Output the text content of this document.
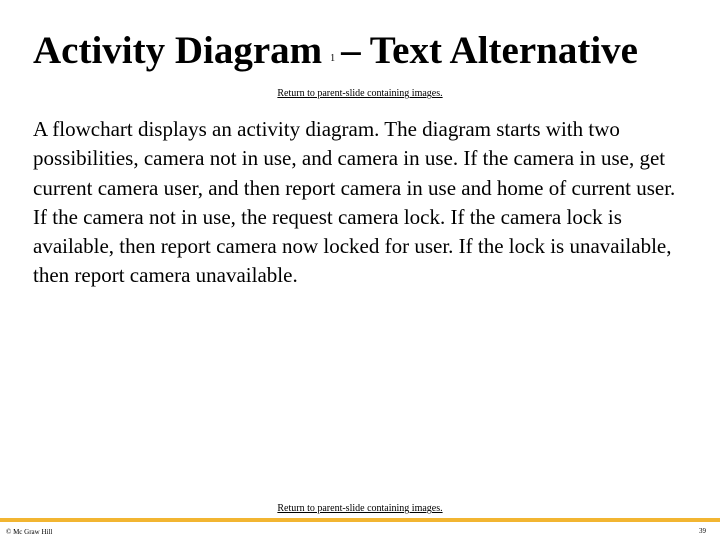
Activity Diagram 1 – Text Alternative
Return to parent-slide containing images.

A flowchart displays an activity diagram. The diagram starts with two possibilities, camera not in use, and camera in use. If the camera in use, get current camera user, and then report camera in use and home of current user. If the camera not in use, the request camera lock. If the camera lock is available, then report camera now locked for user. If the lock is unavailable, then report camera unavailable.

Return to parent-slide containing images.
© Mc Graw Hill	39
